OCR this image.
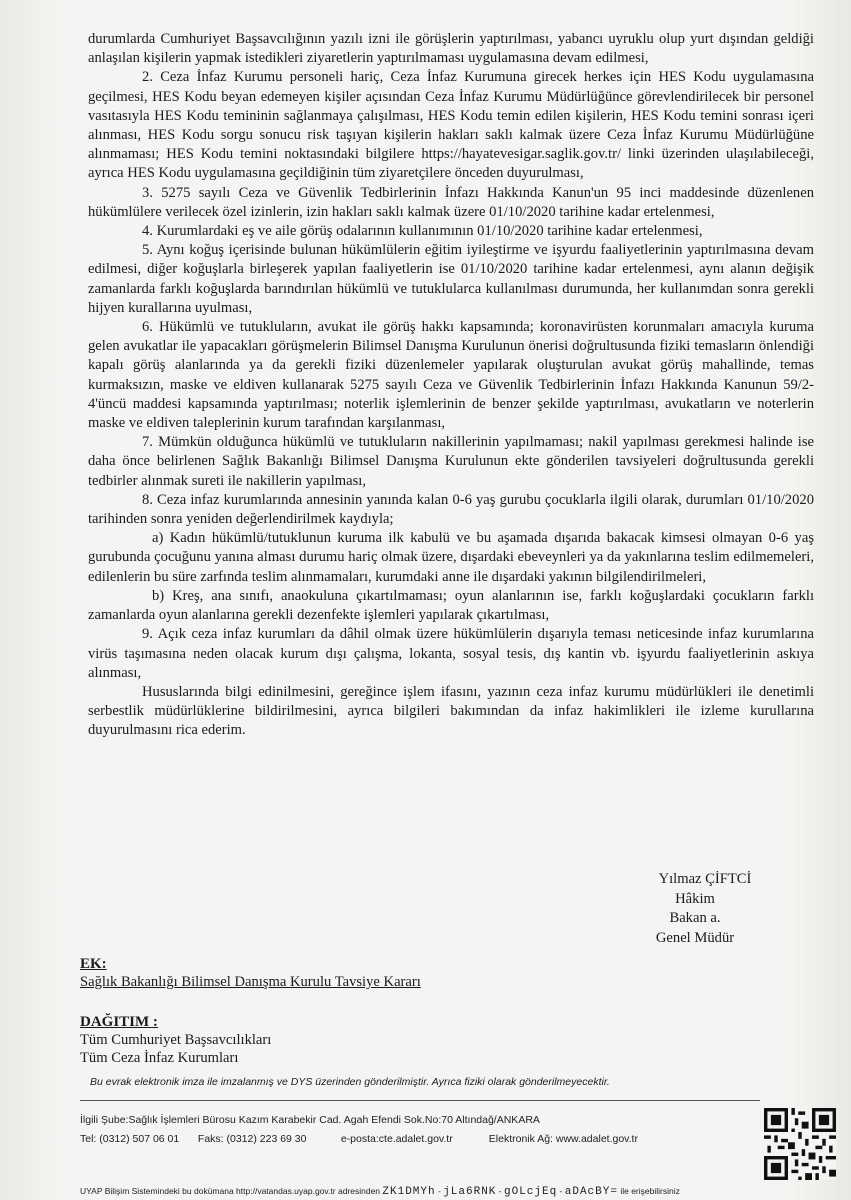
durumlarda Cumhuriyet Başsavcılığının yazılı izni ile görüşlerin yaptırılması, yabancı uyruklu olup yurt dışından geldiği anlaşılan kişilerin yapmak istedikleri ziyaretlerin yaptırılmaması uygulamasına devam edilmesi,

2. Ceza İnfaz Kurumu personeli hariç, Ceza İnfaz Kurumuna girecek herkes için HES Kodu uygulamasına geçilmesi, HES Kodu beyan edemeyen kişiler açısından Ceza İnfaz Kurumu Müdürlüğünce görevlendirilecek bir personel vasıtasıyla HES Kodu temininin sağlanmaya çalışılması, HES Kodu temin edilen kişilerin, HES Kodu temini sonrası içeri alınması, HES Kodu sorgu sonucu risk taşıyan kişilerin hakları saklı kalmak üzere Ceza İnfaz Kurumu Müdürlüğüne alınmaması; HES Kodu temini noktasındaki bilgilere https://hayatevesigar.saglik.gov.tr/ linki üzerinden ulaşılabileceği, ayrıca HES Kodu uygulamasına geçildiğinin tüm ziyaretçilere önceden duyurulması,

3. 5275 sayılı Ceza ve Güvenlik Tedbirlerinin İnfazı Hakkında Kanun'un 95 inci maddesinde düzenlenen hükümlülere verilecek özel izinlerin, izin hakları saklı kalmak üzere 01/10/2020 tarihine kadar ertelenmesi,

4. Kurumlardaki eş ve aile görüş odalarının kullanımının 01/10/2020 tarihine kadar ertelenmesi,

5. Aynı koğuş içerisinde bulunan hükümlülerin eğitim iyileştirme ve işyurdu faaliyetlerinin yaptırılmasına devam edilmesi, diğer koğuşlarla birleşerek yapılan faaliyetlerin ise 01/10/2020 tarihine kadar ertelenmesi, aynı alanın değişik zamanlarda farklı koğuşlarda barındırılan hükümlü ve tutuklularca kullanılması durumunda, her kullanımdan sonra gerekli hijyen kurallarına uyulması,

6. Hükümlü ve tutukluların, avukat ile görüş hakkı kapsamında; koronavirüsten korunmaları amacıyla kuruma gelen avukatlar ile yapacakları görüşmelerin Bilimsel Danışma Kurulunun önerisi doğrultusunda fiziki temasların önlendiği kapalı görüş alanlarında ya da gerekli fiziki düzenlemeler yapılarak oluşturulan avukat görüş mahallinde, temas kurmaksızın, maske ve eldiven kullanarak 5275 sayılı Ceza ve Güvenlik Tedbirlerinin İnfazı Hakkında Kanunun 59/2-4'üncü maddesi kapsamında yaptırılması; noterlik işlemlerinin de benzer şekilde yaptırılması, avukatların ve noterlerin maske ve eldiven taleplerinin kurum tarafından karşılanması,

7. Mümkün olduğunca hükümlü ve tutukluların nakillerinin yapılmaması; nakil yapılması gerekmesi halinde ise daha önce belirlenen Sağlık Bakanlığı Bilimsel Danışma Kurulunun ekte gönderilen tavsiyeleri doğrultusunda gerekli tedbirler alınmak sureti ile nakillerin yapılması,

8. Ceza infaz kurumlarında annesinin yanında kalan 0-6 yaş gurubu çocuklarla ilgili olarak, durumları 01/10/2020 tarihinden sonra yeniden değerlendirilmek kaydıyla;

a) Kadın hükümlü/tutuklunun kuruma ilk kabulü ve bu aşamada dışarıda bakacak kimsesi olmayan 0-6 yaş gurubunda çocuğunu yanına alması durumu hariç olmak üzere, dışardaki ebeveynleri ya da yakınlarına teslim edilmemeleri, edilenlerin bu süre zarfında teslim alınmamaları, kurumdaki anne ile dışardaki yakının bilgilendirilmeleri,

b) Kreş, ana sınıfı, anaokuluna çıkartılmaması; oyun alanlarının ise, farklı koğuşlardaki çocukların farklı zamanlarda oyun alanlarına gerekli dezenfekte işlemleri yapılarak çıkartılması,

9. Açık ceza infaz kurumları da dâhil olmak üzere hükümlülerin dışarıyla teması neticesinde infaz kurumlarına virüs taşımasına neden olacak kurum dışı çalışma, lokanta, sosyal tesis, dış kantin vb. işyurdu faaliyetlerinin askıya alınması,

Hususlarında bilgi edinilmesini, gereğince işlem ifasını, yazının ceza infaz kurumu müdürlükleri ile denetimli serbestlik müdürlüklerine bildirilmesini, ayrıca bilgileri bakımından da infaz hakimlikleri ile izleme kurullarına duyurulmasını rica ederim.

Yılmaz ÇİFTCİ
Hâkim
Bakan a.
Genel Müdür
EK:
Sağlık Bakanlığı Bilimsel Danışma Kurulu Tavsiye Kararı
DAĞITIM :
Tüm Cumhuriyet Başsavcılıkları
Tüm Ceza İnfaz Kurumları
Bu evrak elektronik imza ile imzalanmış ve DYS üzerinden gönderilmiştir. Ayrıca fiziki olarak gönderilmeyecektir.
İlgili Şube:Sağlık İşlemleri Bürosu Kazım Karabekir Cad. Agah Efendi Sok.No:70 Altındağ/ANKARA
Tel: (0312) 507 06 01 Faks: (0312) 223 69 30	e-posta:cte.adalet.gov.tr	Elektronik Ağ: www.adalet.gov.tr
UYAP Bilişim Sistemindeki bu dokümana http://vatandas.uyap.gov.tr adresinden ZK1DMYh - jLa6RNK - gOLcjEq - aDAcBY= ile erişebilirsiniz
